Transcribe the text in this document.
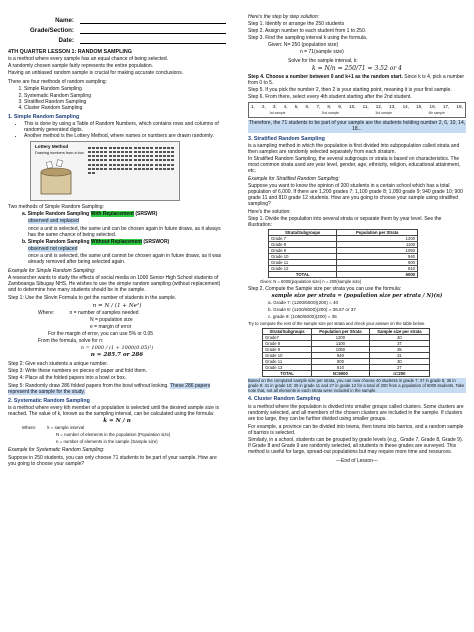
Name:
Grade/Section:
Date:
4TH QUARTER LESSON 1: RANDOM SAMPLING
is a method where every sample has an equal chance of being selected.
A randomly chosen sample fairly represents the entire population.
Having an unbiased random sample is crucial for making accurate conclusions.
There are four methods of random sampling:
1. Simple Random Sampling
2. Systematic Random Sampling
3. Stratified Random Sampling
4. Cluster Random Sampling
1. Simple Random Sampling
• This is done by using a Table of Random Numbers, which contains rows and columns of randomly generated digits.
• Another method is the Lottery Method, where names or numbers are drawn randomly.
Lottery Method
Drawing numbers from a box
Two methods of Simple Random Sampling:
a. Simple Random Sampling With Replacement (SRSWR)
observed and replaced
once a unit is selected, the same unit can be chosen again in future draws, as it always has the same chance of being selected.
b. Simple Random Sampling Without Replacement (SRSWOR)
observed not replaced
once a unit is selected, the same unit cannot be chosen again in future draws, as it was already removed after being selected again.
Example for Simple Random Sampling:
A researcher wants to study the effects of social media on 1000 Senior High School students of Zamboanga Sibugay NHS. He wishes to use the simple random sampling (without replacement) and to determine how many students should be in the sample.
Step 1: Use the Slovin Formula to get the number of students in the sample.
n = N / (1 + Ne²)
Where:	n = number of samples needed
N = population size
e = margin of error
For the margin of error, you can use 5% or 0.05
From the formula, solve for n:
n = 1000 / (1 + 1000(0.05)²)
n = 285.7 or 286
Step 2: Give each students a unique number.
Step 3: Write these numbers on pieces of paper and fold them.
Step 4: Place all the folded papers into a bowl or box.
Step 5: Randomly draw 286 folded papers from the bowl without looking. These 286 papers represent the sample for the study.
2. Systematic Random Sampling
is a method where every kth member of a population is selected until the desired sample size is reached. The value of k, known as the sampling interval, can be calculated using the formula:
k = N / n
Where:	k = sample interval
N = number of elements in the population (Population size)
n = number of elements in the sample (Sample size)
Example for Systematic Random Sampling:
Suppose in 250 students, you can only choose 71 students to be part of your sample. How are you going to choose your sample?
Here's the step by step solution:
Step 1. Identify or arrange the 250 students
Step 2. Assign number to each student from 1 to 250.
Step 3. Find the sampling interval k using the formula.
Given: N= 250 (population size)
n = 71(sample size)
Solve for the sample interval, k:
k = N/n = 250/71 = 3.52 or 4
Step 4. Choose a number between 0 and k+1 as the random start. Since k is 4, pick a number from 0 to 5.
Step 5. If you pick the number 2, then 2 is your starting point, meaning it is your first sample.
Step 6. From there, select every 4th student starting after the 2nd student.
1, 2, 3, 4, 5, 6, 7, 8, 9, 10, 11, 12, 13, 14, 15, 16, 17, 18,
1st sample	2nd sample	3rd sample	4th sample
Therefore, the 71 students to be part of your sample are the students holding number 2, 6, 10, 14, 18...
3. Stratified Random Sampling
is a sampling method in which the population is first divided into subpopulation called strata and then samples are randomly selected separately from each stratum.
In Stratified Random Sampling, the several subgroups or strata is based on characteristics. The most common strata used are year level, gender, age, ethnicity, religion, educational attainment, etc.
Example for Stratified Random Sampling:
Suppose you want to know the opinion of 200 students in a certain school which has a total population of 6,000. If there are 1,200 grades 7; 1,100 grade 8; 1,050 grade 9; 940 grade 10; 900 grade 11 and 810 grade 12 students. How are you going to choose your sample using stratified sampling?
Here's the solution:
Step 1. Divide the population into several strata or separate them by year level. See the illustration:
Strata/Subgroups	Population per Strata
Grade 7	1200
Grade 8	1100
Grade 9	1050
Grade 10	940
Grade 11	900
Grade 12	810
TOTAL	6000
Given: N = 6000(population size) n = 200(sample size)
Step 2. Compute the Sample size per strata you can use the formula:
sample size per strata = (population size per strata / N)(n)
a. Grade 7: (1200/6000)(200) = 40
b. Grade 8: (1100/6000)(200) = 36.67 or 37
c. grade 9: (1050/6000)(200) = 35
Try to compute the rest of the sample size per strata and check your answer on the table below.
Strata/Subgroups	Population per Strata	Sample size per strata
Grade7	1200	40
Grade 8	1100	37
Grade 9	1050	35
Grade 10	940	31
Grade 11	900	30
Grade 12	810	27
TOTAL	N=6000	n=200
Based on the computed sample size per strata, you can now choose 40 students in grade 7; 37 in grade 8; 35 in grade 9; 31 in grade 10; 30 in grade 11 and 27 in grade 12 for a total of 200 from a population of 6000 students. Take note that, not all elements in each strata were included in the sample.
4. Cluster Random Sampling
is a method where the population is divided into smaller groups called clusters. Some clusters are randomly selected, and all members of the chosen clusters are included in the sample. If clusters are too large, they can be further divided using smaller groups.
For example, a province can be divided into towns, then towns into barrios, and a random sample of barrios is selected.
Similarly, in a school, students can be grouped by grade levels (e.g., Grade 7, Grade 8, Grade 9). If Grade 8 and Grade 9 are randomly selected, all students in these grades are surveyed. This method is useful for large, spread-out populations but may require more time and resources.
---End of Lesson---
